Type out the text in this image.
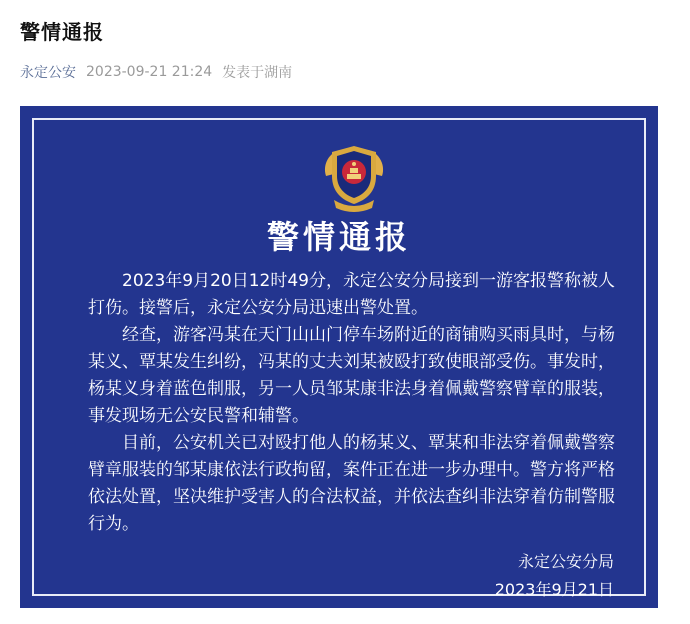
警情通报
永定公安 2023-09-21 21:24 发表于湖南
警情通报

2023年9月20日12时49分，永定公安分局接到一游客报警称被人打伤。接警后，永定公安分局迅速出警处置。

经查，游客冯某在天门山山门停车场附近的商铺购买雨具时，与杨某义、覃某发生纠纷，冯某的丈夫刘某被殴打致使眼部受伤。事发时，杨某义身着蓝色制服，另一人员邹某康非法身着佩戴警察臂章的服装，事发现场无公安民警和辅警。

目前，公安机关已对殴打他人的杨某义、覃某和非法穿着佩戴警察臂章服装的邹某康依法行政拘留，案件正在进一步办理中。警方将严格依法处置，坚决维护受害人的合法权益，并依法查纠非法穿着仿制警服行为。

永定公安分局
2023年9月21日
